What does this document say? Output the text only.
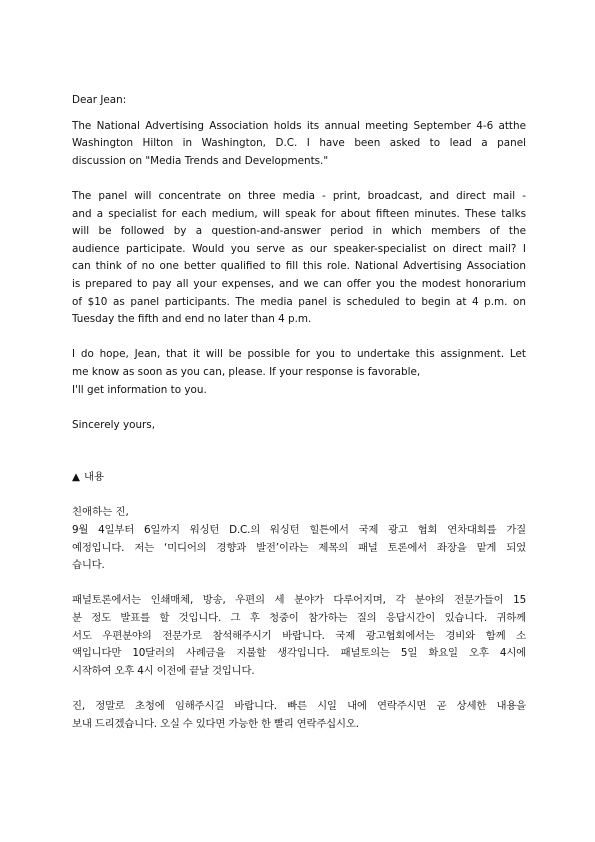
Dear Jean:

The National Advertising Association holds its annual meeting September 4-6 atthe
Washington Hilton in Washington, D.C. I have been asked to lead a panel
discussion on "Media Trends and Developments."

The panel will concentrate on three media - print, broadcast, and direct mail -
and a specialist for each medium, will speak for about fifteen minutes. These talks
will be followed by a question-and-answer period in which members of the
audience participate. Would you serve as our speaker-specialist on direct mail? I
can think of no one better qualified to fill this role. National Advertising Association
is prepared to pay all your expenses, and we can offer you the modest honorarium
of $10 as panel participants. The media panel is scheduled to begin at 4 p.m. on
Tuesday the fifth and end no later than 4 p.m.

I do hope, Jean, that it will be possible for you to undertake this assignment. Let
me know as soon as you can, please. If your response is favorable,
I'll get information to you.

Sincerely yours,

▲ 내용

친애하는 진,

9월 4일부터 6일까지 워싱턴 D.C.의 워싱턴 힐튼에서 국제 광고 협회 연차대회를 가질
예정입니다. 저는 ‘미디어의 경향과 발전’이라는 제목의 패널 토론에서 좌장을 맡게 되었
습니다.

패널토론에서는 인쇄매체, 방송, 우편의 세 분야가 다루어지며, 각 분야의 전문가들이 15
분 정도 발표를 할 것입니다. 그 후 청중이 참가하는 질의 응답시간이 있습니다. 귀하께
서도 우편분야의 전문가로 참석해주시기 바랍니다. 국제 광고협회에서는 경비와 함께 소
액입니다만 10달러의 사례금을 지불할 생각입니다. 패널토의는 5일 화요일 오후 4시에
시작하여 오후 4시 이전에 끝날 것입니다.

진, 정말로 초청에 임해주시길 바랍니다. 빠른 시일 내에 연락주시면 곧 상세한 내용을
보내 드리겠습니다. 오실 수 있다면 가능한 한 빨리 연락주십시오.
